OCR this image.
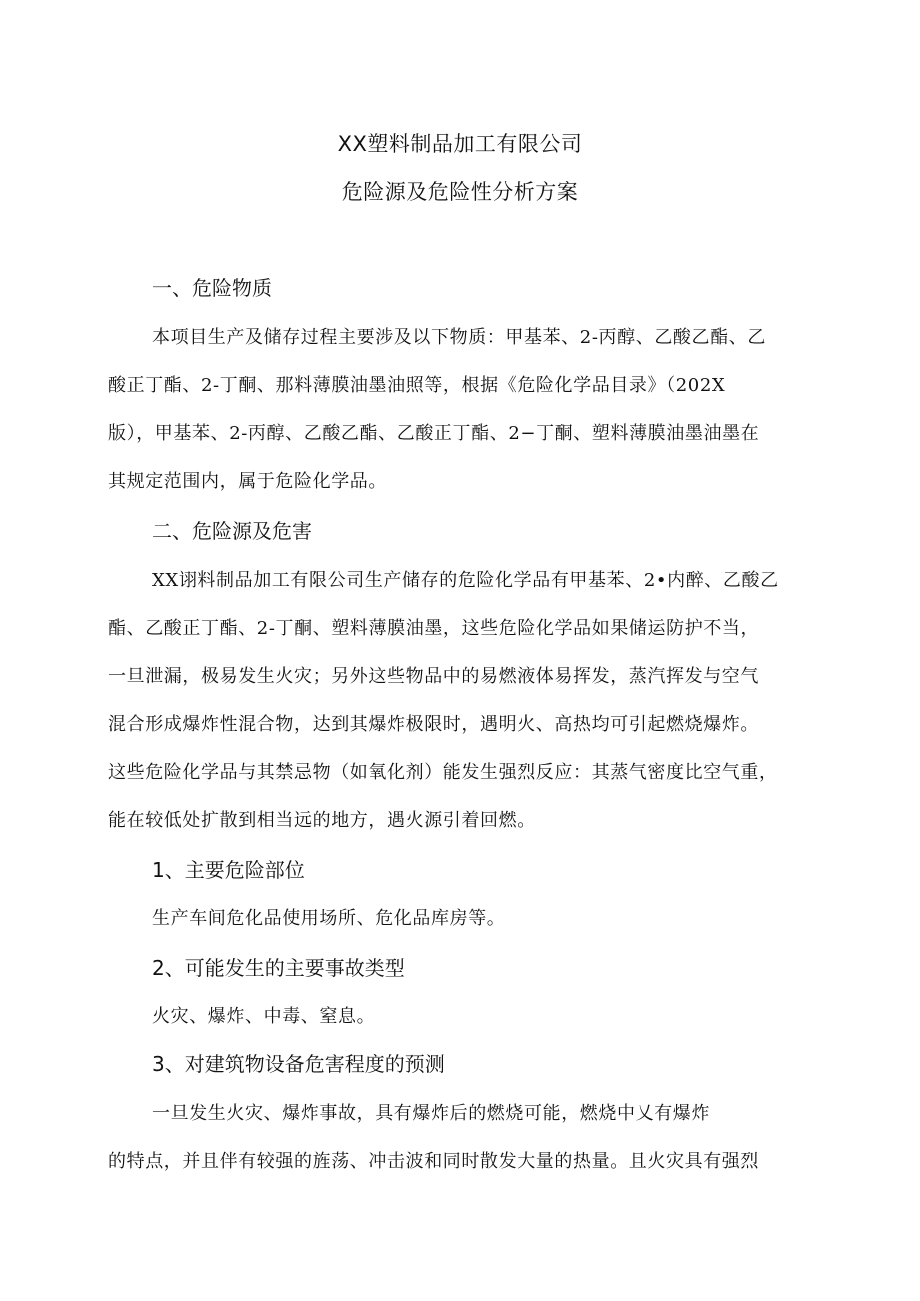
XX塑料制品加工有限公司
危险源及危险性分析方案
一、危险物质
本项目生产及储存过程主要涉及以下物质：甲基苯、2-丙醇、乙酸乙酯、乙
酸正丁酯、2-丁酮、那料薄膜油墨油照等，根据《危险化学品目录》（202X
版），甲基苯、2-丙醇、乙酸乙酯、乙酸正丁酯、2−丁酮、塑料薄膜油墨油墨在
其规定范围内，属于危险化学品。
二、危险源及危害
XX诩料制品加工有限公司生产储存的危险化学品有甲基苯、2•内醉、乙酸乙
酯、乙酸正丁酯、2-丁酮、塑料薄膜油墨，这些危险化学品如果储运防护不当，
一旦泄漏，极易发生火灾；另外这些物品中的易燃液体易挥发，蒸汽挥发与空气
混合形成爆炸性混合物，达到其爆炸极限时，遇明火、高热均可引起燃烧爆炸。
这些危险化学品与其禁忌物（如氧化剂）能发生强烈反应：其蒸气密度比空气重，
能在较低处扩散到相当远的地方，遇火源引着回燃。
1、主要危险部位
生产车间危化品使用场所、危化品库房等。
2、可能发生的主要事故类型
火灾、爆炸、中毒、窒息。
3、对建筑物设备危害程度的预测
一旦发生火灾、爆炸事故，具有爆炸后的燃烧可能，燃烧中乂有爆炸
的特点，并且伴有较强的旌荡、冲击波和同时散发大量的热量。且火灾具有强烈
